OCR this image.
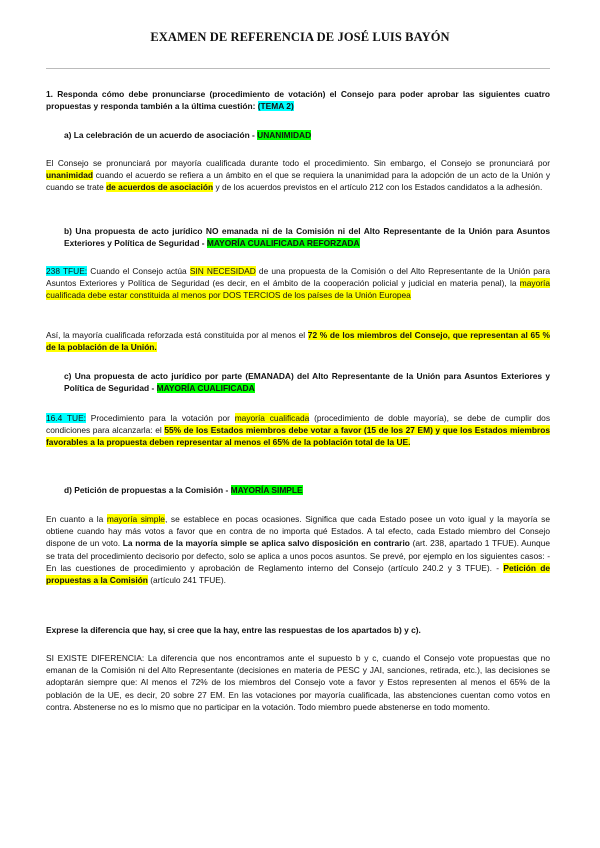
EXAMEN DE REFERENCIA DE JOSÉ LUIS BAYÓN
1. Responda cómo debe pronunciarse (procedimiento de votación) el Consejo para poder aprobar las siguientes cuatro propuestas y responda también a la última cuestión: (TEMA 2)
a) La celebración de un acuerdo de asociación - UNANIMIDAD
El Consejo se pronunciará por mayoría cualificada durante todo el procedimiento. Sin embargo, el Consejo se pronunciará por unanimidad cuando el acuerdo se refiera a un ámbito en el que se requiera la unanimidad para la adopción de un acto de la Unión y cuando se trate de acuerdos de asociación y de los acuerdos previstos en el artículo 212 con los Estados candidatos a la adhesión.
b) Una propuesta de acto jurídico NO emanada ni de la Comisión ni del Alto Representante de la Unión para Asuntos Exteriores y Política de Seguridad - MAYORÍA CUALIFICADA REFORZADA
238 TFUE: Cuando el Consejo actúa SIN NECESIDAD de una propuesta de la Comisión o del Alto Representante de la Unión para Asuntos Exteriores y Política de Seguridad (es decir, en el ámbito de la cooperación policial y judicial en materia penal), la mayoría cualificada debe estar constituida al menos por DOS TERCIOS de los países de la Unión Europea
Así, la mayoría cualificada reforzada está constituida por al menos el 72 % de los miembros del Consejo, que representan al 65 % de la población de la Unión.
c) Una propuesta de acto jurídico por parte (EMANADA) del Alto Representante de la Unión para Asuntos Exteriores y Política de Seguridad - MAYORÍA CUALIFICADA
16.4 TUE: Procedimiento para la votación por mayoría cualificada (procedimiento de doble mayoría), se debe de cumplir dos condiciones para alcanzarla: el 55% de los Estados miembros debe votar a favor (15 de los 27 EM) y que los Estados miembros favorables a la propuesta deben representar al menos el 65% de la población total de la UE.
d) Petición de propuestas a la Comisión - MAYORÍA SIMPLE
En cuanto a la mayoría simple, se establece en pocas ocasiones. Significa que cada Estado posee un voto igual y la mayoría se obtiene cuando hay más votos a favor que en contra de no importa qué Estados. A tal efecto, cada Estado miembro del Consejo dispone de un voto. La norma de la mayoría simple se aplica salvo disposición en contrario (art. 238, apartado 1 TFUE). Aunque se trata del procedimiento decisorio por defecto, solo se aplica a unos pocos asuntos. Se prevé, por ejemplo en los siguientes casos: - En las cuestiones de procedimiento y aprobación de Reglamento interno del Consejo (artículo 240.2 y 3 TFUE). - Petición de propuestas a la Comisión (artículo 241 TFUE).
Exprese la diferencia que hay, si cree que la hay, entre las respuestas de los apartados b) y c).
SI EXISTE DIFERENCIA: La diferencia que nos encontramos ante el supuesto b y c, cuando el Consejo vote propuestas que no emanan de la Comisión ni del Alto Representante (decisiones en materia de PESC y JAI, sanciones, retirada, etc.), las decisiones se adoptarán siempre que: Al menos el 72% de los miembros del Consejo vote a favor y Estos representen al menos el 65% de la población de la UE, es decir, 20 sobre 27 EM. En las votaciones por mayoría cualificada, las abstenciones cuentan como votos en contra. Abstenerse no es lo mismo que no participar en la votación. Todo miembro puede abstenerse en todo momento.
